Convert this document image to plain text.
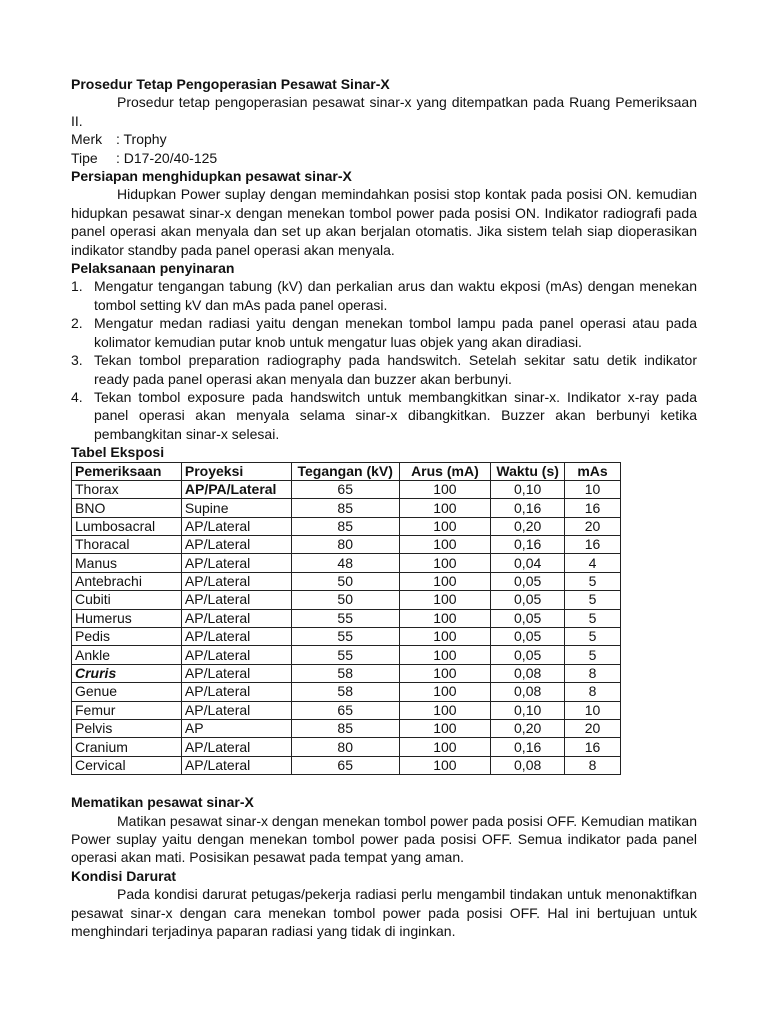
Prosedur Tetap Pengoperasian Pesawat Sinar-X

Prosedur tetap pengoperasian pesawat sinar-x yang ditempatkan pada Ruang Pemeriksaan II.

Merk : Trophy
Tipe	: D17-20/40-125
Persiapan menghidupkan pesawat sinar-X

Hidupkan Power suplay dengan memindahkan posisi stop kontak pada posisi ON. kemudian hidupkan pesawat sinar-x dengan menekan tombol power pada posisi ON. Indikator radiografi pada panel operasi akan menyala dan set up akan berjalan otomatis. Jika sistem telah siap dioperasikan indikator standby pada panel operasi akan menyala.

Pelaksanaan penyinaran
1. Mengatur tengangan tabung (kV) dan perkalian arus dan waktu ekposi (mAs) dengan menekan tombol setting kV dan mAs pada panel operasi.
2. Mengatur medan radiasi yaitu dengan menekan tombol lampu pada panel operasi atau pada kolimator kemudian putar knob untuk mengatur luas objek yang akan diradiasi.
3. Tekan tombol preparation radiography pada handswitch. Setelah sekitar satu detik indikator ready pada panel operasi akan menyala dan buzzer akan berbunyi.
4. Tekan tombol exposure pada handswitch untuk membangkitkan sinar-x. Indikator x-ray pada panel operasi akan menyala selama sinar-x dibangkitkan. Buzzer akan berbunyi ketika pembangkitan sinar-x selesai.
Tabel Eksposi
Pemeriksaan	Proyeksi	Tegangan (kV)	Arus (mA)	Waktu (s)	mAs
Thorax	AP/PA/Lateral	65	100	0,10	10
BNO	Supine	85	100	0,16	16
Lumbosacral	AP/Lateral	85	100	0,20	20
Thoracal	AP/Lateral	80	100	0,16	16
Manus	AP/Lateral	48	100	0,04	4
Antebrachi	AP/Lateral	50	100	0,05	5
Cubiti	AP/Lateral	50	100	0,05	5
Humerus	AP/Lateral	55	100	0,05	5
Pedis	AP/Lateral	55	100	0,05	5
Ankle	AP/Lateral	55	100	0,05	5
Cruris	AP/Lateral	58	100	0,08	8
Genue	AP/Lateral	58	100	0,08	8
Femur	AP/Lateral	65	100	0,10	10
Pelvis	AP	85	100	0,20	20
Cranium	AP/Lateral	80	100	0,16	16
Cervical	AP/Lateral	65	100	0,08	8
Mematikan pesawat sinar-X

Matikan pesawat sinar-x dengan menekan tombol power pada posisi OFF. Kemudian matikan Power suplay yaitu dengan menekan tombol power pada posisi OFF. Semua indikator pada panel operasi akan mati. Posisikan pesawat pada tempat yang aman.

Kondisi Darurat

Pada kondisi darurat petugas/pekerja radiasi perlu mengambil tindakan untuk menonaktifkan pesawat sinar-x dengan cara menekan tombol power pada posisi OFF. Hal ini bertujuan untuk menghindari terjadinya paparan radiasi yang tidak di inginkan.
